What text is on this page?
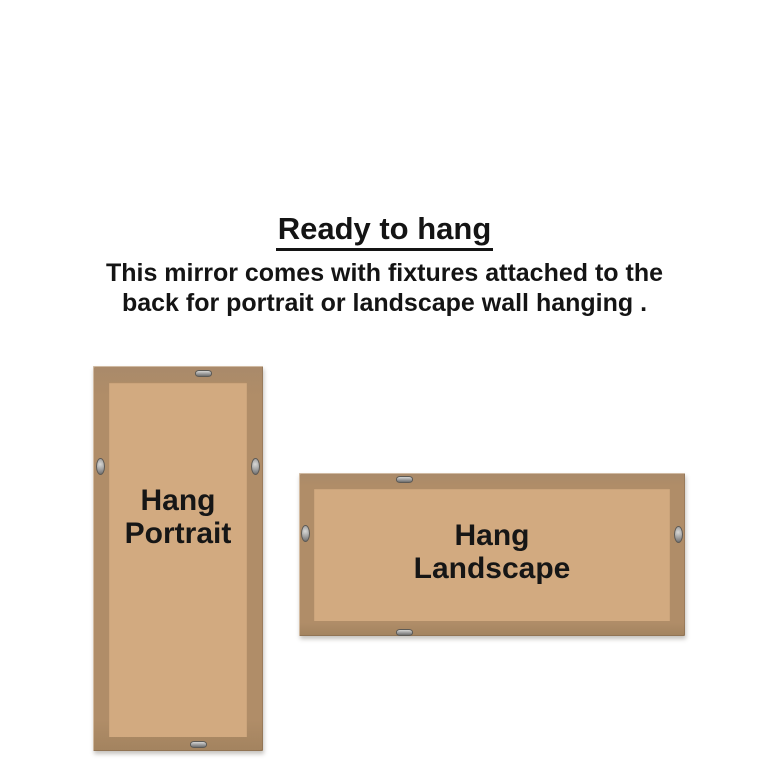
Ready to hang
This mirror comes with fixtures attached to the
back for portrait or landscape wall hanging .
Hang
Portrait	Hang
Landscape
